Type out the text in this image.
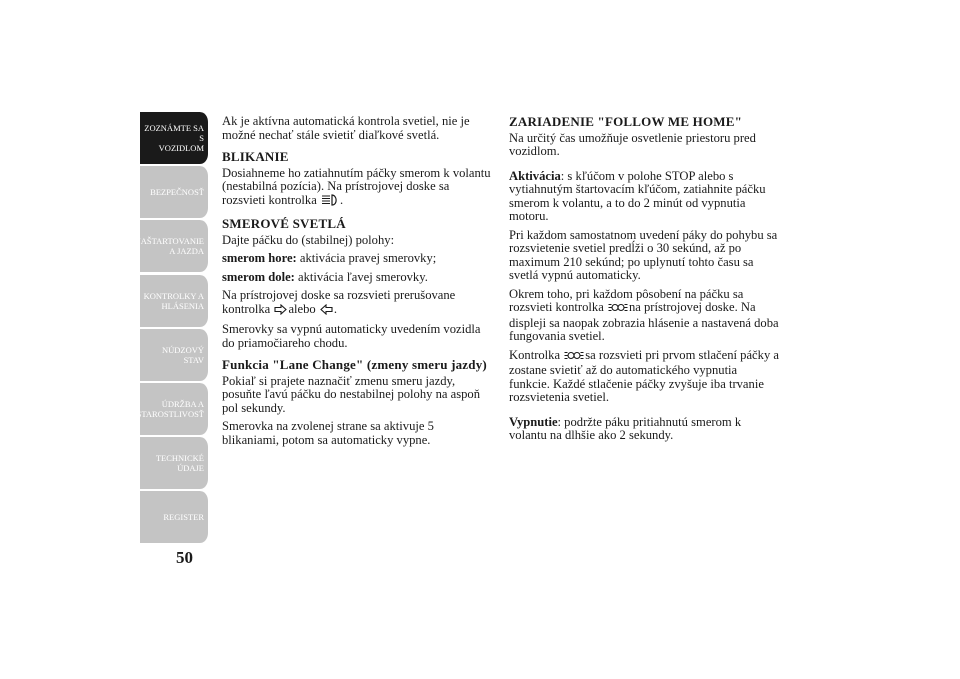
ZOZNÁMTE SA S
VOZIDLOM
BEZPEČNOSŤ
NAŠTARTOVANIE
A JAZDA
KONTROLKY A
HLÁSENIA
NÚDZOVÝ STAV
ÚDRŽBA A
STAROSTLIVOSŤ
TECHNICKÉ
ÚDAJE
REGISTER
50

Ak je aktívna automatická kontrola svetiel, nie je možné nechať stále svietiť diaľkové svetlá.

BLIKANIE

Dosiahneme ho zatiahnutím páčky smerom k volantu (nestabilná pozícia). Na prístrojovej doske sa rozsvieti kontrolka .

SMEROVÉ SVETLÁ

Dajte páčku do (stabilnej) polohy:

smerom hore: aktivácia pravej smerovky;

smerom dole: aktivácia ľavej smerovky.

Na prístrojovej doske sa rozsvieti prerušovane kontrolka alebo .

Smerovky sa vypnú automaticky uvedením vozidla do priamočiareho chodu.

Funkcia "Lane Change" (zmeny smeru jazdy)

Pokiaľ si prajete naznačiť zmenu smeru jazdy, posuňte ľavú páčku do nestabilnej polohy na aspoň pol sekundy.

Smerovka na zvolenej strane sa aktivuje 5 blikaniami, potom sa automaticky vypne.

ZARIADENIE "FOLLOW ME HOME"

Na určitý čas umožňuje osvetlenie priestoru pred vozidlom.

Aktivácia: s kľúčom v polohe STOP alebo s vytiahnutým štartovacím kľúčom, zatiahnite páčku smerom k volantu, a to do 2 minút od vypnutia motoru.

Pri každom samostatnom uvedení páky do pohybu sa rozsvietenie svetiel predĺži o 30 sekúnd, až po maximum 210 sekúnd; po uplynutí tohto času sa svetlá vypnú automaticky.

Okrem toho, pri každom pôsobení na páčku sa rozsvieti kontrolka na prístrojovej doske. Na displeji sa naopak zobrazia hlásenie a nastavená doba fungovania svetiel.

Kontrolka sa rozsvieti pri prvom stlačení páčky a zostane svietiť až do automatického vypnutia funkcie. Každé stlačenie páčky zvyšuje iba trvanie rozsvietenia svetiel.

Vypnutie: podržte páku pritiahnutú smerom k volantu na dlhšie ako 2 sekundy.
